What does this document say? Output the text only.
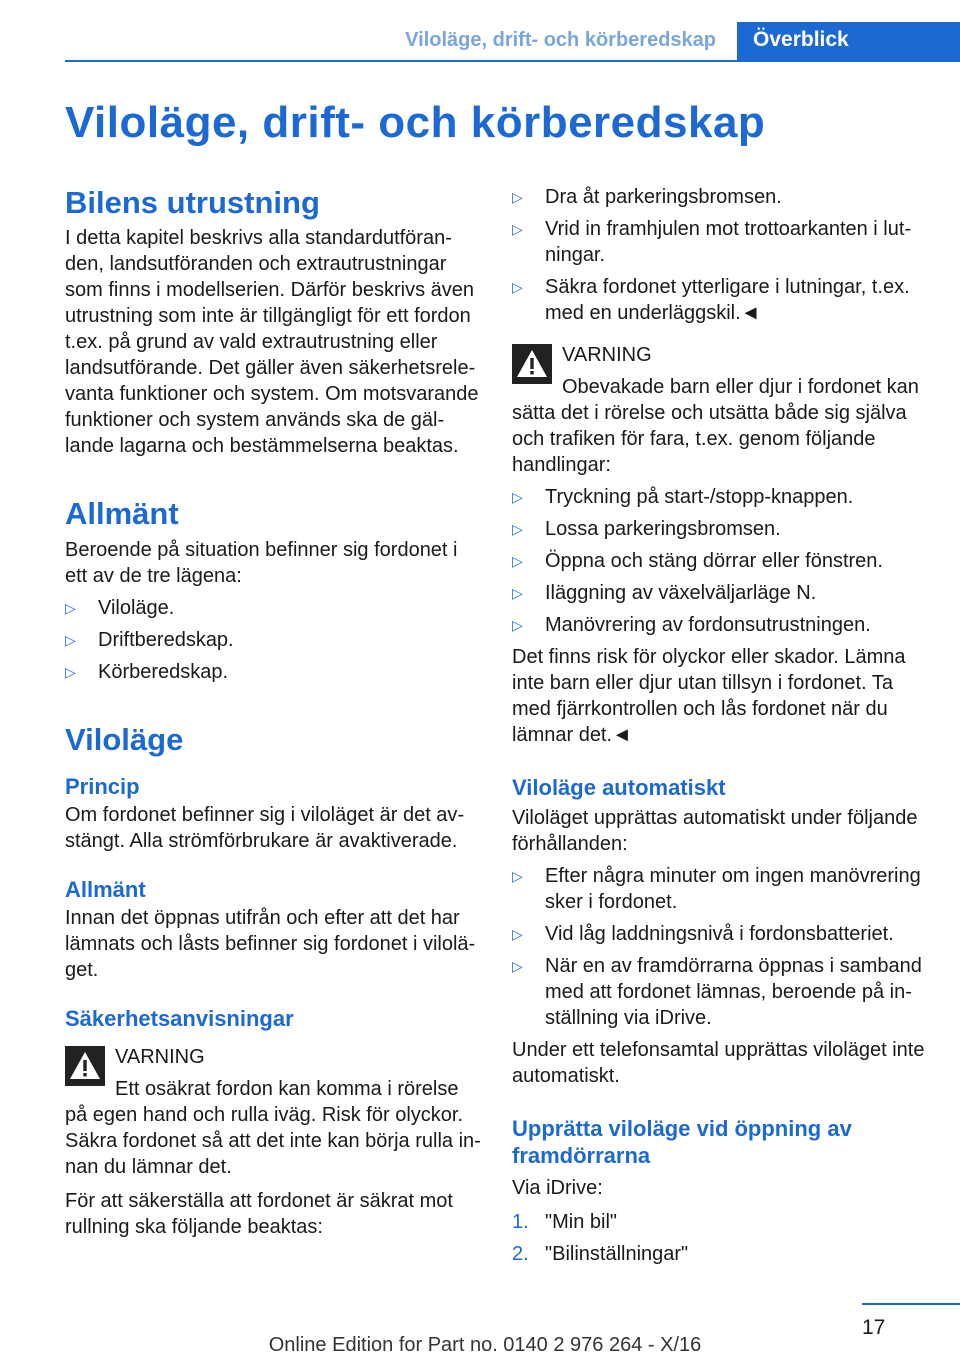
Viloläge, drift- och körberedskap	Överblick
Viloläge, drift- och körberedskap
Bilens utrustning

I detta kapitel beskrivs alla standardutföranden, landsutföranden och extrautrustningar som finns i modellserien. Därför beskrivs även utrustning som inte är tillgängligt för ett fordon t.ex. på grund av vald extrautrustning eller landsutförande. Det gäller även säkerhetsrelevanta funktioner och system. Om motsvarande funktioner och system används ska de gällande lagarna och bestämmelserna beaktas.

Allmänt

Beroende på situation befinner sig fordonet i ett av de tre lägena:

▷ Viloläge.
▷ Driftberedskap.
▷ Körberedskap.
Viloläge
Princip

Om fordonet befinner sig i viloläget är det avstängt. Alla strömförbrukare är avaktiverade.

Allmänt

Innan det öppnas utifrån och efter att det har lämnats och låsts befinner sig fordonet i viloläget.

Säkerhetsanvisningar
VARNING

Ett osäkrat fordon kan komma i rörelse på egen hand och rulla iväg. Risk för olyckor. Säkra fordonet så att det inte kan börja rulla innan du lämnar det.

För att säkerställa att fordonet är säkrat mot rullning ska följande beaktas:

▷ Dra åt parkeringsbromsen.
▷ Vrid in framhjulen mot trottoarkanten i lutningar.
▷ Säkra fordonet ytterligare i lutningar, t.ex. med en underläggskil.◄
VARNING

Obevakade barn eller djur i fordonet kan sätta det i rörelse och utsätta både sig själva och trafiken för fara, t.ex. genom följande handlingar:

▷ Tryckning på start-/stopp-knappen.
▷ Lossa parkeringsbromsen.
▷ Öppna och stäng dörrar eller fönstren.
▷ Iläggning av växelväljarläge N.
▷ Manövrering av fordonsutrustningen.

Det finns risk för olyckor eller skador. Lämna inte barn eller djur utan tillsyn i fordonet. Ta med fjärrkontrollen och lås fordonet när du lämnar det.◄

Viloläge automatiskt

Viloläget upprättas automatiskt under följande förhållanden:

▷ Efter några minuter om ingen manövrering sker i fordonet.
▷ Vid låg laddningsnivå i fordonsbatteriet.
▷ När en av framdörrarna öppnas i samband med att fordonet lämnas, beroende på inställning via iDrive.

Under ett telefonsamtal upprättas viloläget inte automatiskt.

Upprätta viloläge vid öppning av framdörrarna

Via iDrive:

1. "Min bil"
2. "Bilinställningar"
17
Online Edition for Part no. 0140 2 976 264 - X/16
